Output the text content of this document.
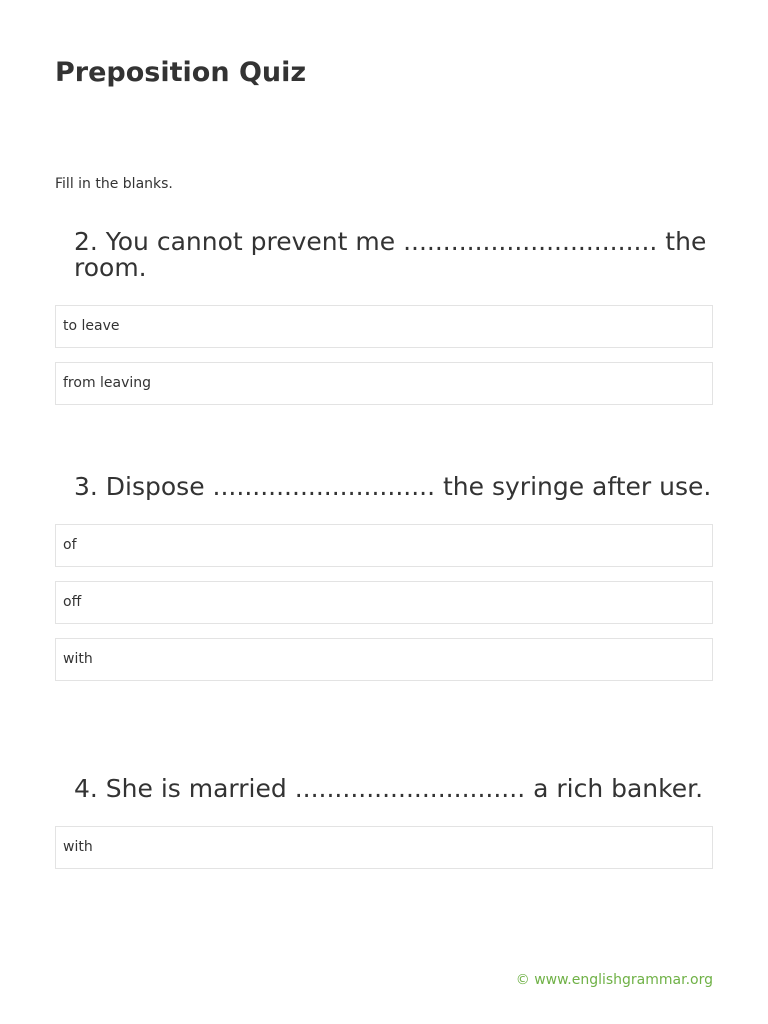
Preposition Quiz
Fill in the blanks.
2. You cannot prevent me ................................ the room.
to leave
from leaving
3. Dispose ............................ the syringe after use.
of
off
with
4. She is married ............................. a rich banker.
with
© www.englishgrammar.org
